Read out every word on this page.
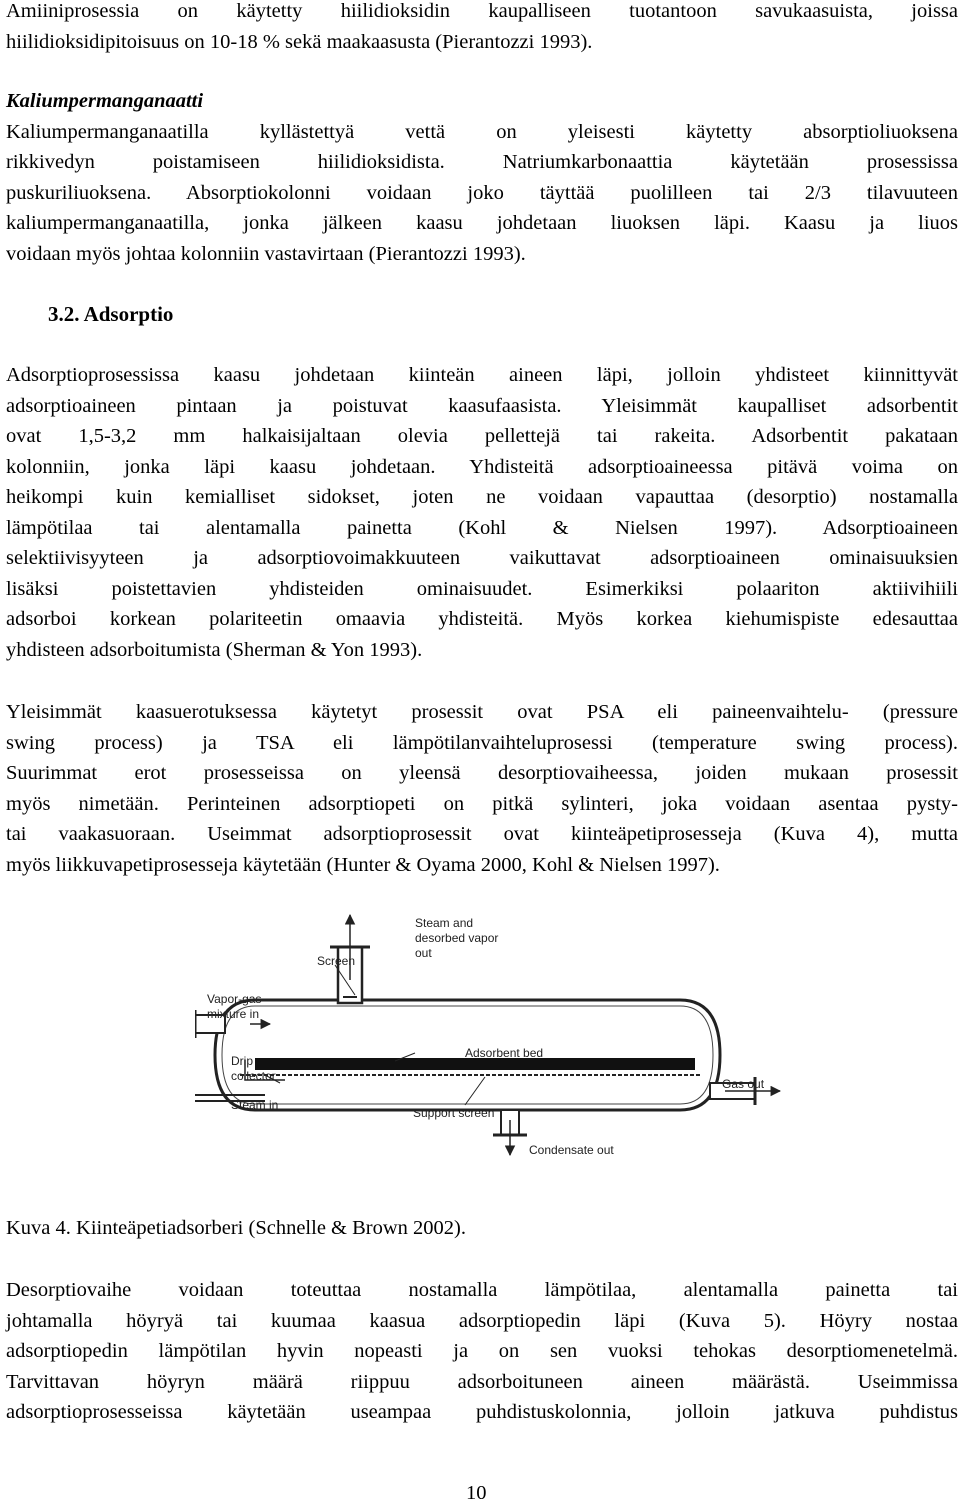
Amiiniprosessia on käytetty hiilidioksidin kaupalliseen tuotantoon savukaasuista, joissa
hiilidioksidipitoisuus on 10-18 % sekä maakaasusta (Pierantozzi 1993).
Kaliumpermanganaatti
Kaliumpermanganaatilla kyllästettyä vettä on yleisesti käytetty absorptioliuoksena
rikkivedyn poistamiseen hiilidioksidista. Natriumkarbonaattia käytetään prosessissa
puskuriliuoksena. Absorptiokolonni voidaan joko täyttää puolilleen tai 2/3 tilavuuteen
kaliumpermanganaatilla, jonka jälkeen kaasu johdetaan liuoksen läpi. Kaasu ja liuos
voidaan myös johtaa kolonniin vastavirtaan (Pierantozzi 1993).
3.2. Adsorptio
Adsorptioprosessissa kaasu johdetaan kiinteän aineen läpi, jolloin yhdisteet kiinnittyvät
adsorptioaineen pintaan ja poistuvat kaasufaasista. Yleisimmät kaupalliset adsorbentit
ovat 1,5-3,2 mm halkaisijaltaan olevia pellettejä tai rakeita. Adsorbentit pakataan
kolonniin, jonka läpi kaasu johdetaan. Yhdisteitä adsorptioaineessa pitävä voima on
heikompi kuin kemialliset sidokset, joten ne voidaan vapauttaa (desorptio) nostamalla
lämpötilaa tai alentamalla painetta (Kohl & Nielsen 1997). Adsorptioaineen
selektiivisyyteen ja adsorptiovoimakkuuteen vaikuttavat adsorptioaineen ominaisuuksien
lisäksi poistettavien yhdisteiden ominaisuudet. Esimerkiksi polaariton aktiivihiili
adsorboi korkean polariteetin omaavia yhdisteitä. Myös korkea kiehumispiste edesauttaa
yhdisteen adsorboitumista (Sherman & Yon 1993).
Yleisimmät kaasuerotuksessa käytetyt prosessit ovat PSA eli paineenvaihtelu- (pressure
swing process) ja TSA eli lämpötilanvaihteluprosessi (temperature swing process).
Suurimmat erot prosesseissa on yleensä desorptiovaiheessa, joiden mukaan prosessit
myös nimetään. Perinteinen adsorptiopeti on pitkä sylinteri, joka voidaan asentaa pysty-
tai vaakasuoraan. Useimmat adsorptioprosessit ovat kiinteäpetiprosesseja (Kuva 4), mutta
myös liikkuvapetiprosesseja käytetään (Hunter & Oyama 2000, Kohl & Nielsen 1997).
Steam and
desorbed vapor
out
Screen
Vapor-gas
mixture in
Adsorbent bed
Drip
collector
Gas out
Steam in
Support screen
Condensate out
Kuva 4. Kiinteäpetiadsorberi (Schnelle & Brown 2002).
Desorptiovaihe voidaan toteuttaa nostamalla lämpötilaa, alentamalla painetta tai
johtamalla höyryä tai kuumaa kaasua adsorptiopedin läpi (Kuva 5). Höyry nostaa
adsorptiopedin lämpötilan hyvin nopeasti ja on sen vuoksi tehokas desorptiomenetelmä.
Tarvittavan höyryn määrä riippuu adsorboituneen aineen määrästä. Useimmissa
adsorptioprosesseissa käytetään useampaa puhdistuskolonnia, jolloin jatkuva puhdistus
10
